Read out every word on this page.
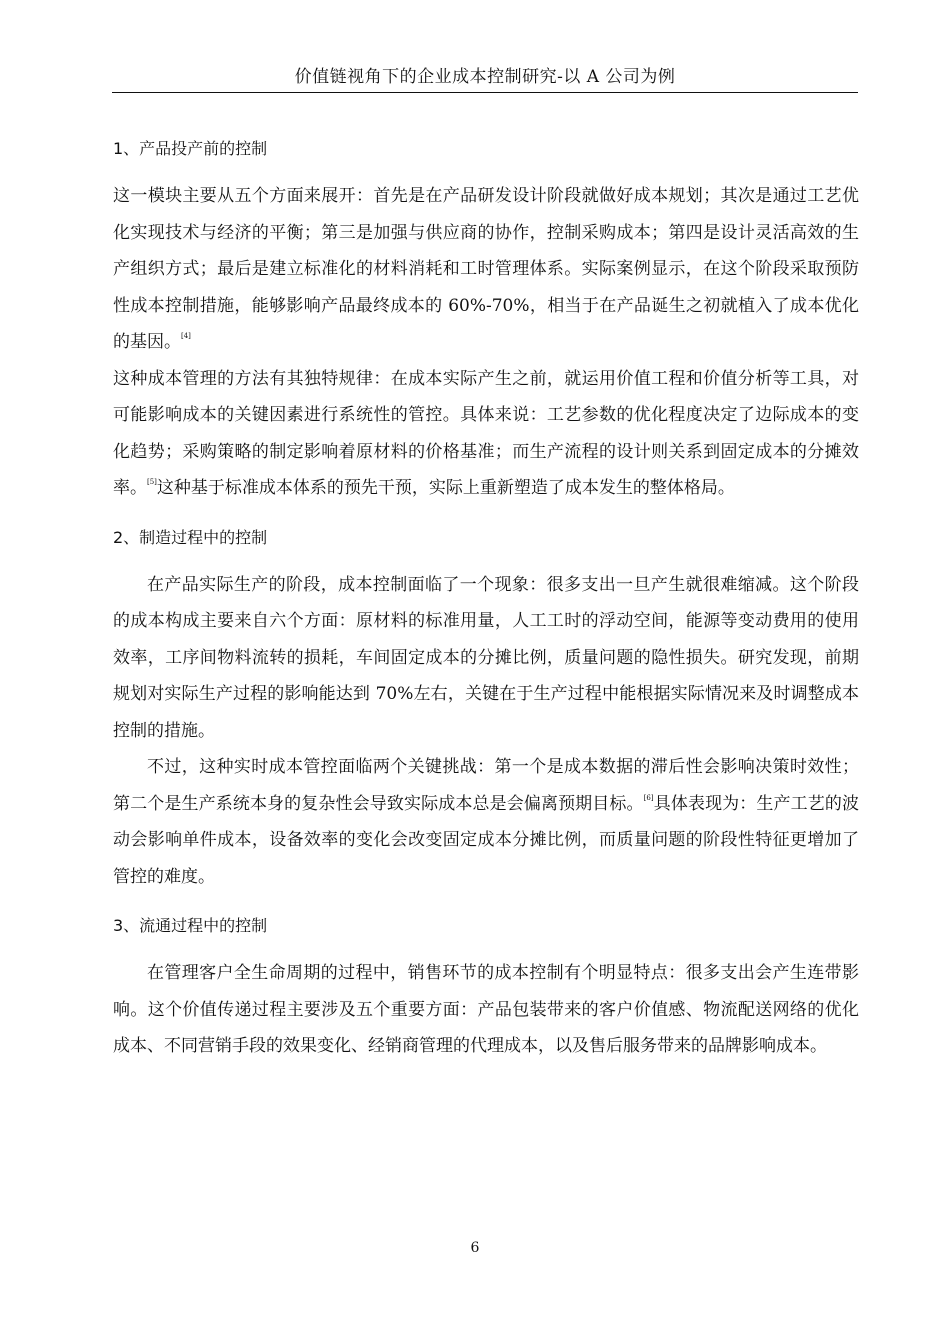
价值链视角下的企业成本控制研究-以 A 公司为例
1、产品投产前的控制

这一模块主要从五个方面来展开：首先是在产品研发设计阶段就做好成本规划；其次是通过工艺优化实现技术与经济的平衡；第三是加强与供应商的协作，控制采购成本；第四是设计灵活高效的生产组织方式；最后是建立标准化的材料消耗和工时管理体系。实际案例显示，在这个阶段采取预防性成本控制措施，能够影响产品最终成本的 60%-70%，相当于在产品诞生之初就植入了成本优化的基因。[4]

这种成本管理的方法有其独特规律：在成本实际产生之前，就运用价值工程和价值分析等工具，对可能影响成本的关键因素进行系统性的管控。具体来说：工艺参数的优化程度决定了边际成本的变化趋势；采购策略的制定影响着原材料的价格基准；而生产流程的设计则关系到固定成本的分摊效率。[5]这种基于标准成本体系的预先干预，实际上重新塑造了成本发生的整体格局。

2、制造过程中的控制

在产品实际生产的阶段，成本控制面临了一个现象：很多支出一旦产生就很难缩减。这个阶段的成本构成主要来自六个方面：原材料的标准用量，人工工时的浮动空间，能源等变动费用的使用效率，工序间物料流转的损耗，车间固定成本的分摊比例，质量问题的隐性损失。研究发现，前期规划对实际生产过程的影响能达到 70%左右，关键在于生产过程中能根据实际情况来及时调整成本控制的措施。

不过，这种实时成本管控面临两个关键挑战：第一个是成本数据的滞后性会影响决策时效性；第二个是生产系统本身的复杂性会导致实际成本总是会偏离预期目标。[6]具体表现为：生产工艺的波动会影响单件成本，设备效率的变化会改变固定成本分摊比例，而质量问题的阶段性特征更增加了管控的难度。

3、流通过程中的控制

在管理客户全生命周期的过程中，销售环节的成本控制有个明显特点：很多支出会产生连带影响。这个价值传递过程主要涉及五个重要方面：产品包装带来的客户价值感、物流配送网络的优化成本、不同营销手段的效果变化、经销商管理的代理成本，以及售后服务带来的品牌影响成本。

6
